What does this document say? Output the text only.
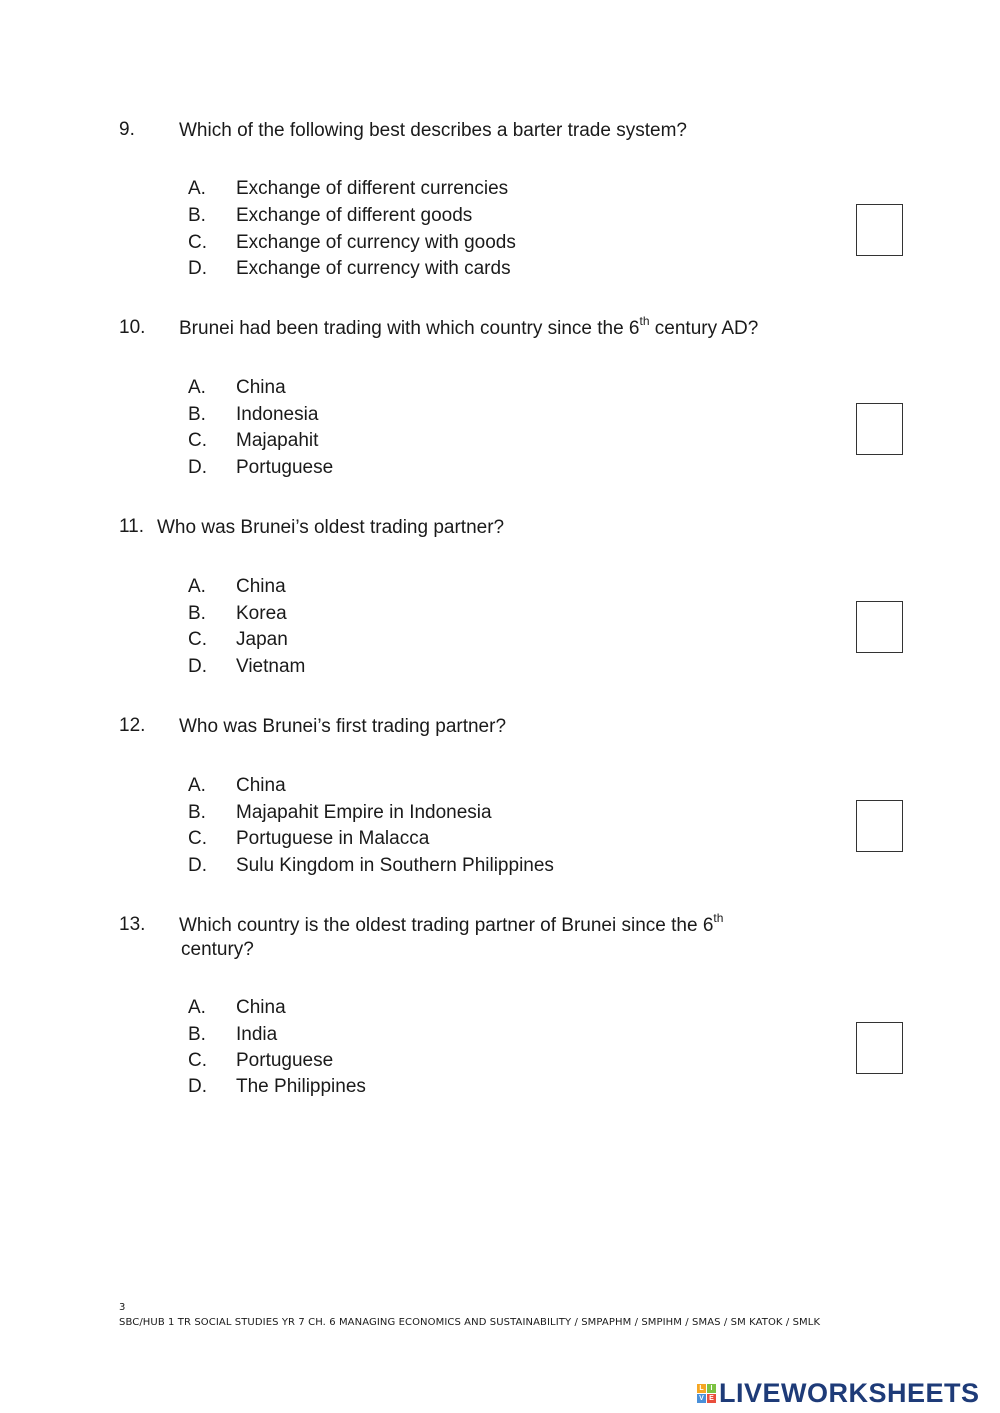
9. Which of the following best describes a barter trade system?
A. Exchange of different currencies
B. Exchange of different goods
C. Exchange of currency with goods
D. Exchange of currency with cards
10. Brunei had been trading with which country since the 6th century AD?
A. China
B. Indonesia
C. Majapahit
D. Portuguese
11. Who was Brunei’s oldest trading partner?
A. China
B. Korea
C. Japan
D. Vietnam
12. Who was Brunei’s first trading partner?
A. China
B. Majapahit Empire in Indonesia
C. Portuguese in Malacca
D. Sulu Kingdom in Southern Philippines
13. Which country is the oldest trading partner of Brunei since the 6th
century?
A. China
B. India
C. Portuguese
D. The Philippines
3
SBC/HUB 1 TR SOCIAL STUDIES YR 7 CH. 6 MANAGING ECONOMICS AND SUSTAINABILITY / SMPAPHM / SMPIHM / SMAS / SM KATOK / SMLK
L I
V E LIVEWORKSHEETS
